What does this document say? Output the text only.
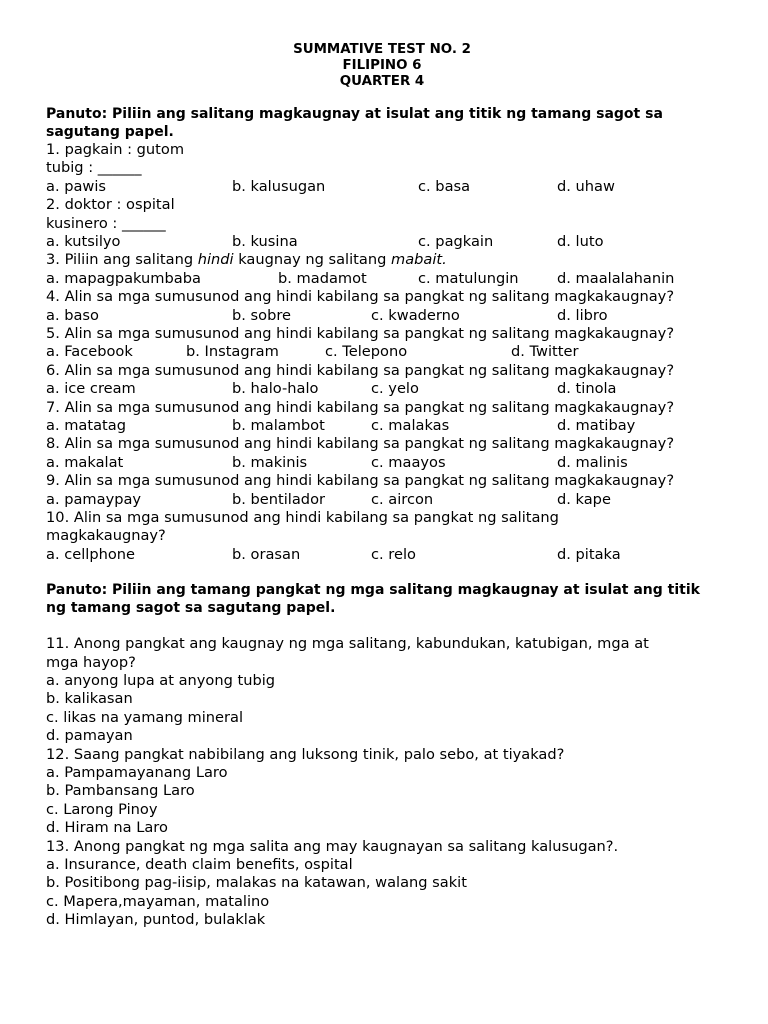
SUMMATIVE TEST NO. 2
FILIPINO 6
QUARTER 4
Panuto: Piliin ang salitang magkaugnay at isulat ang titik ng tamang sagot sa sagutang papel.
1. pagkain : gutom
tubig : ______
a. pawis	b. kalusugan	c. basa	d. uhaw
2. doktor : ospital
kusinero : ______
a. kutsilyo	b. kusina	c. pagkain	d. luto
3. Piliin ang salitang hindi kaugnay ng salitang mabait.
a. mapagpakumbaba	b. madamot	c. matulungin	d. maalalahanin
4. Alin sa mga sumusunod ang hindi kabilang sa pangkat ng salitang magkakaugnay?
a. baso	b. sobre	c. kwaderno	d. libro
5. Alin sa mga sumusunod ang hindi kabilang sa pangkat ng salitang magkakaugnay?
a. Facebook	b. Instagram	c. Telepono	d. Twitter
6. Alin sa mga sumusunod ang hindi kabilang sa pangkat ng salitang magkakaugnay?
a. ice cream	b. halo-halo	c. yelo	d. tinola
7. Alin sa mga sumusunod ang hindi kabilang sa pangkat ng salitang magkakaugnay?
a. matatag	b. malambot	c. malakas	d. matibay
8. Alin sa mga sumusunod ang hindi kabilang sa pangkat ng salitang magkakaugnay?
a. makalat	b. makinis	c. maayos	d. malinis
9. Alin sa mga sumusunod ang hindi kabilang sa pangkat ng salitang magkakaugnay?
a. pamaypay	b. bentilador	c. aircon	d. kape
10. Alin sa mga sumusunod ang hindi kabilang sa pangkat ng salitang
magkakaugnay?
a. cellphone	b. orasan	c. relo	d. pitaka
Panuto: Piliin ang tamang pangkat ng mga salitang magkaugnay at isulat ang titik ng tamang sagot sa sagutang papel.
11. Anong pangkat ang kaugnay ng mga salitang, kabundukan, katubigan, mga at
mga hayop?
a. anyong lupa at anyong tubig
b. kalikasan
c. likas na yamang mineral
d. pamayan
12. Saang pangkat nabibilang ang luksong tinik, palo sebo, at tiyakad?
a. Pampamayanang Laro
b. Pambansang Laro
c. Larong Pinoy
d. Hiram na Laro
13. Anong pangkat ng mga salita ang may kaugnayan sa salitang kalusugan?.
a. Insurance, death claim benefits, ospital
b. Positibong pag-iisip, malakas na katawan, walang sakit
c. Mapera,mayaman, matalino
d. Himlayan, puntod, bulaklak
